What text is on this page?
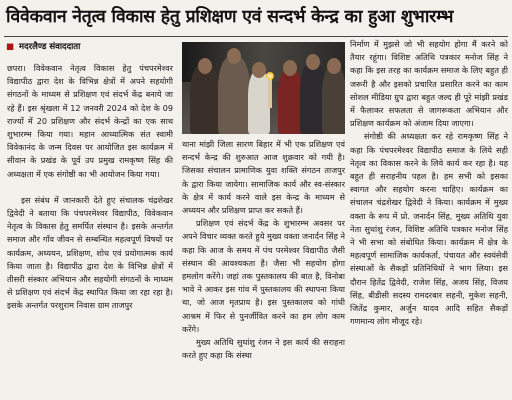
विवेकवान नेतृत्व विकास हेतु प्रशिक्षण एवं सन्दर्भ केन्द्र का हुआ शुभारम्भ
■ मदरलैण्ड संवाददाता

छपरा। विवेकवान नेतृत्व विकास हेतु पंचपरमेश्वर विद्यापीठ द्वारा देश के विभिन्न क्षेत्रों में अपने सहयोगी संगठनों के माध्यम से प्रशिक्षण एवं संदर्भ केंद्र बनाये जा रहे हैं। इस श्रृंखला में 12 जनवरी 2024 को देश के 09 राज्यों में 20 प्रशिक्षण और संदर्भ केन्द्रों का एक साथ शुभारम्भ किया गया। महान आध्यात्मिक संत स्वामी विवेकानंद के जन्म दिवस पर आयोजित इस कार्यक्रम में सीवान के प्रखंड के पूर्व उप प्रमुख रामकृष्ण सिंह की अध्यक्षता में एक संगोष्ठी का भी आयोजन किया गया।

इस संबंध में जानकारी देते हुए संचालक चंद्रशेखर द्विवेदी ने बताया कि पंचपरमेश्वर विद्यापीठ, विवेकवान नेतृत्व के विकास हेतु समर्पित संस्थान है। इसके अन्तर्गत समाज और गाँव जीवन से सम्बन्धित महत्वपूर्ण विषयों पर कार्यक्रम, अध्ययन, प्रशिक्षण, शोध एवं प्रयोगात्मक कार्य किया जाता है। विद्यापीठ द्वारा देश के विभिन्न क्षेत्रों में तीसरी संस्कार अभियान और सहयोगी संगठनों के माध्यम से प्रशिक्षण एवं संदर्भ केंद्र स्थापित किया जा रहा रहा है। इसके अन्तर्गत परशुराम निवास ग्राम ताजपुर

थाना मांझी जिला सारण बिहार में भी एक प्रशिक्षण एवं सन्दर्भ केन्द्र की शुरुआत आज शुक्रवार को गयी है। जिसका संचालन प्रामाणिक युवा शक्ति संगठन ताजपुर के द्वारा किया जायेगा। सामाजिक कार्य और स्व-संस्कार के क्षेत्र में कार्य करने वाले इस केन्द्र के माध्यम से अध्ययन और प्रशिक्षण प्राप्त कर सकते हैं।

प्रशिक्षण एवं संदर्भ केंद्र के शुभारम्भ अवसर पर अपने विचार व्यक्त करते हुये मुख्य वक्ता जनार्दन सिंह ने कहा कि आज के समय में पंच परमेश्वर विद्यापीठ जैसी संस्थान की आवश्यकता है। जैसा भी सहयोग होगा हमलोग करेंगे। जहां तक पुस्तकालय की बात है, विनोबा भावे ने आकर इस गांव में पुस्तकालय की स्थापना किया था, जो आज मृतप्राय है। इस पुस्तकालय को गांधी आश्रम में फिर से पुनर्जीवित करने का हम लोग काम करेंगे।

मुख्य अतिथि सुधांशु रंजन ने इस कार्य की सराहना करते हुए कहा कि संस्था

निर्माण में मुझसे जो भी सहयोग होगा मैं करने को तैयार रहूंगा। विशिष्ट अतिथि पत्रकार मनोज सिंह ने कहा कि इस तरह का कार्यक्रम समाज के लिए बहुत ही जरूरी है और इसको प्रचारित प्रसारित करने का काम सोशल मीडिया ग्रुप द्वारा बहुत जल्द ही पूरे मांझी प्रखंड में फैलाकर सफलता से जागरूकता अभियान और प्रशिक्षण कार्यक्रम को अंजाम दिया जाएगा।

संगोष्ठी की अध्यक्षता कर रहे रामकृष्ण सिंह ने कहा कि पंचपरमेश्वर विद्यापीठ समाज के लिये सही नेतृत्व का विकास करने के लिये कार्य कर रहा है। यह बहुत ही सराहनीय पहल है। हम सभी को इसका स्वागत और सहयोग करना चाहिए। कार्यक्रम का संचालन चंद्रशेखर द्विवेदी ने किया। कार्यक्रम में मुख्य वक्ता के रूप में प्रो. जनार्दन सिंह, मुख्य अतिथि युवा नेता सुधांशु रंजन, विशिष्ट अतिथि पत्रकार मनोज सिंह ने भी सभा को संबोधित किया। कार्यक्रम में क्षेत्र के महत्वपूर्ण सामाजिक कार्यकर्ता, पंचायत और स्वयंसेवी संस्थाओं के सैकड़ों प्रतिनिधियों ने भाग लिया। इस दौरान हितेंद्र द्विवेदी, राजेश सिंह, अजय सिंह, विजय सिंह, बीडीसी सदस्य रामदरबार सहनी, मुकेश सहनी, जितेंद्र कुमार, अर्जुन यादव आदि सहित सैकड़ों गणमान्य लोग मौजूद रहे।
